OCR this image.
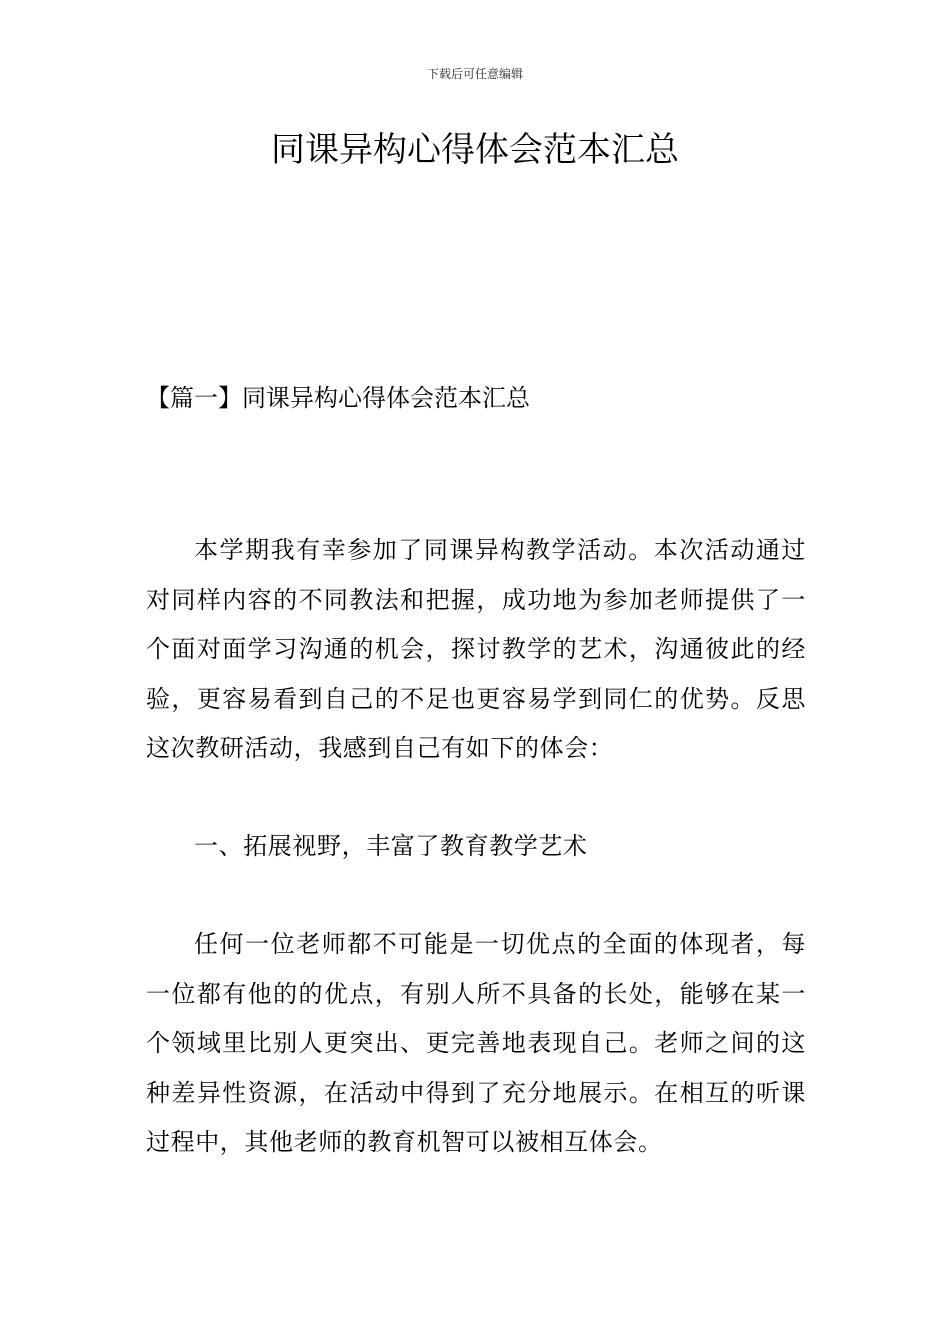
下载后可任意编辑
同课异构心得体会范本汇总
【篇一】同课异构心得体会范本汇总

本学期我有幸参加了同课异构教学活动。本次活动通过对同样内容的不同教法和把握，成功地为参加老师提供了一个面对面学习沟通的机会，探讨教学的艺术，沟通彼此的经验，更容易看到自己的不足也更容易学到同仁的优势。反思这次教研活动，我感到自己有如下的体会：

一、拓展视野，丰富了教育教学艺术

任何一位老师都不可能是一切优点的全面的体现者，每一位都有他的的优点，有别人所不具备的长处，能够在某一个领域里比别人更突出、更完善地表现自己。老师之间的这种差异性资源，在活动中得到了充分地展示。在相互的听课过程中，其他老师的教育机智可以被相互体会。
